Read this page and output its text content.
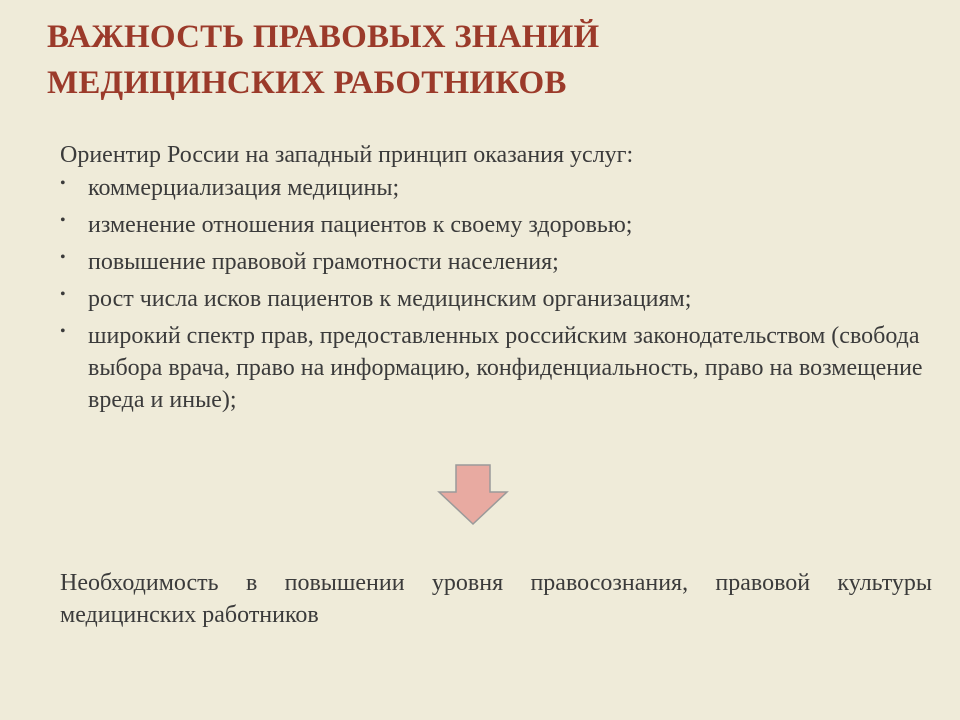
ВАЖНОСТЬ ПРАВОВЫХ ЗНАНИЙ
МЕДИЦИНСКИХ РАБОТНИКОВ
Ориентир России на западный принцип оказания услуг:
• коммерциализация медицины;
• изменение отношения пациентов к своему здоровью;
• повышение правовой грамотности населения;
• рост числа исков пациентов к медицинским организациям;
• широкий спектр прав, предоставленных российским законодательством (свобода выбора врача, право на информацию, конфиденциальность, право на возмещение вреда и иные);
Необходимость в повышении уровня правосознания, правовой культуры медицинских работников
